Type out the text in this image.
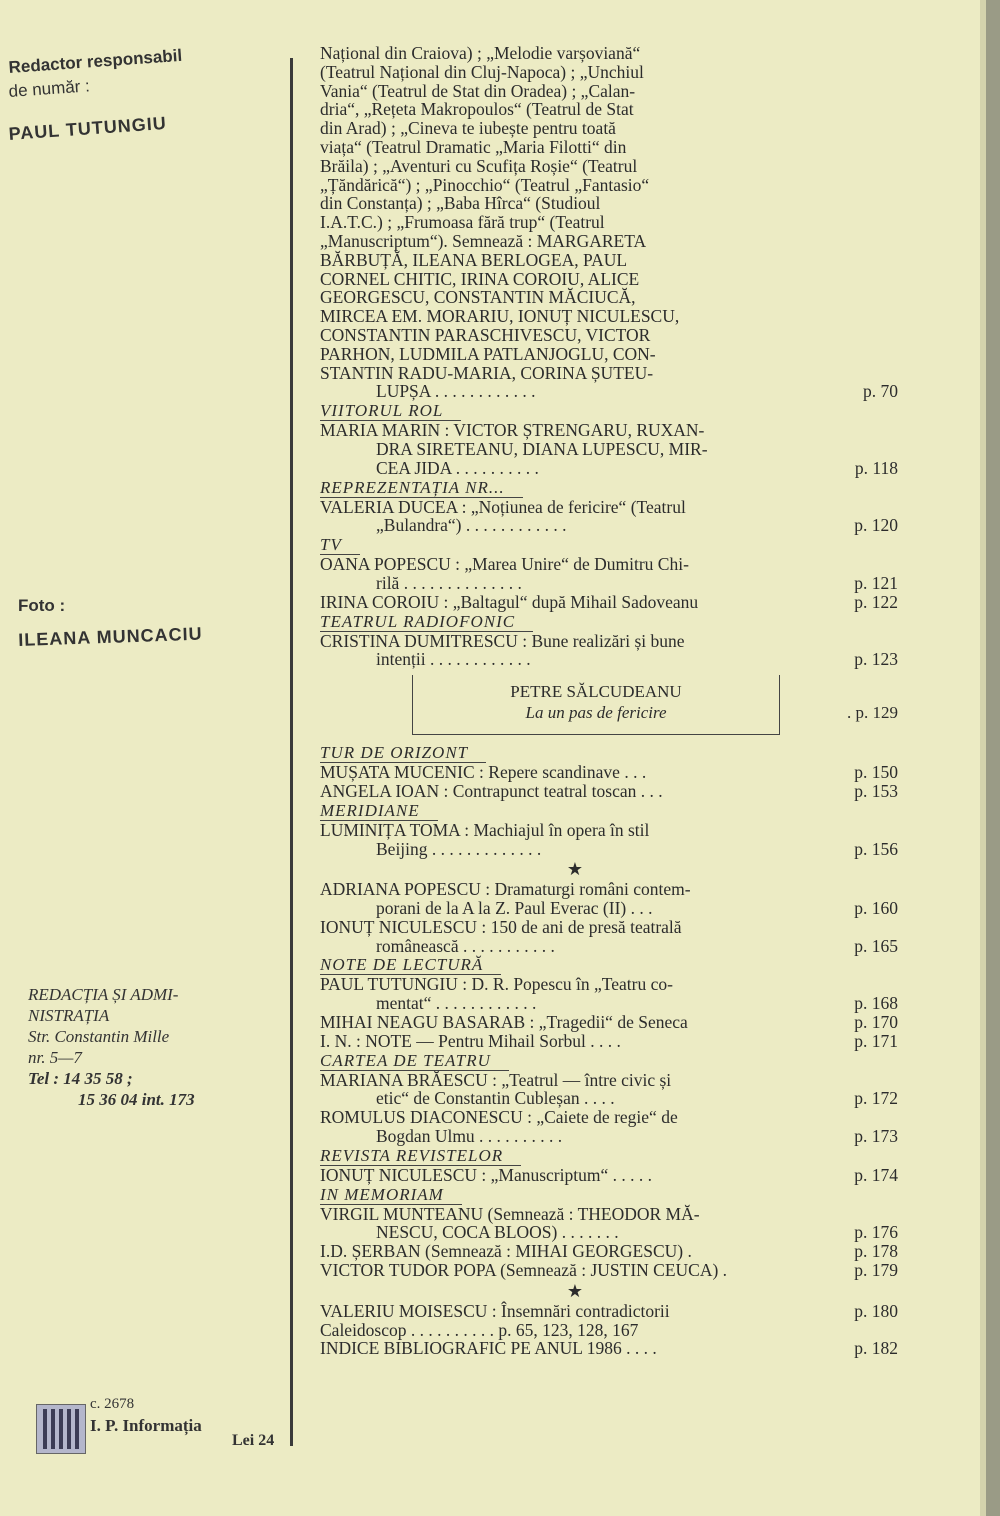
Redactor responsabil
de număr :
PAUL TUTUNGIU
Foto :
ILEANA MUNCACIU
REDACȚIA ȘI ADMI-
NISTRAȚIA
Str. Constantin Mille
nr. 5—7
Tel : 14 35 58 ;
15 36 04 int. 173
c. 2678
I. P. Informația
Lei 24
Național din Craiova) ; „Melodie varșoviană“
(Teatrul Național din Cluj-Napoca) ; „Unchiul
Vania“ (Teatrul de Stat din Oradea) ; „Calan-
dria“, „Rețeta Makropoulos“ (Teatrul de Stat
din Arad) ; „Cineva te iubește pentru toată
viața“ (Teatrul Dramatic „Maria Filotti“ din
Brăila) ; „Aventuri cu Scufița Roșie“ (Teatrul
„Țăndărică“) ; „Pinocchio“ (Teatrul „Fantasio“
din Constanța) ; „Baba Hîrca“ (Studioul
I.A.T.C.) ; „Frumoasa fără trup“ (Teatrul
„Manuscriptum“). Semnează : MARGARETA
BĂRBUȚĂ, ILEANA BERLOGEA, PAUL
CORNEL CHITIC, IRINA COROIU, ALICE
GEORGESCU, CONSTANTIN MĂCIUCĂ,
MIRCEA EM. MORARIU, IONUȚ NICULESCU,
CONSTANTIN PARASCHIVESCU, VICTOR
PARHON, LUDMILA PATLANJOGLU, CON-
STANTIN RADU-MARIA, CORINA ȘUTEU-
LUPȘA . . . . . . . . . . . .	p. 70
VIITORUL ROL
MARIA MARIN : VICTOR ȘTRENGARU, RUXAN-
DRA SIRETEANU, DIANA LUPESCU, MIR-
CEA JIDA . . . . . . . . . .	p. 118
REPREZENTAȚIA NR...
VALERIA DUCEA : „Noțiunea de fericire“ (Teatrul
„Bulandra“) . . . . . . . . . . . .	p. 120
TV
OANA POPESCU : „Marea Unire“ de Dumitru Chi-
rilă . . . . . . . . . . . . . .	p. 121
IRINA COROIU : „Baltagul“ după Mihail Sadoveanu	p. 122
TEATRUL RADIOFONIC
CRISTINA DUMITRESCU : Bune realizări și bune
intenții . . . . . . . . . . . .	p. 123
PETRE SĂLCUDEANU
La un pas de fericire	. p. 129
TUR DE ORIZONT
MUȘATA MUCENIC : Repere scandinave . . .	p. 150
ANGELA IOAN : Contrapunct teatral toscan . . .	p. 153
MERIDIANE
LUMINIȚA TOMA : Machiajul în opera în stil
Beijing . . . . . . . . . . . . .	p. 156
★
ADRIANA POPESCU : Dramaturgi români contem-
porani de la A la Z. Paul Everac (II) . . .	p. 160
IONUȚ NICULESCU : 150 de ani de presă teatrală
românească . . . . . . . . . . .	p. 165
NOTE DE LECTURĂ
PAUL TUTUNGIU : D. R. Popescu în „Teatru co-
mentat“ . . . . . . . . . . . .	p. 168
MIHAI NEAGU BASARAB : „Tragedii“ de Seneca	p. 170
I. N. : NOTE — Pentru Mihail Sorbul . . . .	p. 171
CARTEA DE TEATRU
MARIANA BRĂESCU : „Teatrul — între civic și
etic“ de Constantin Cubleșan . . . .	p. 172
ROMULUS DIACONESCU : „Caiete de regie“ de
Bogdan Ulmu . . . . . . . . . .	p. 173
REVISTA REVISTELOR
IONUȚ NICULESCU : „Manuscriptum“ . . . . .	p. 174
IN MEMORIAM
VIRGIL MUNTEANU (Semnează : THEODOR MĂ-
NESCU, COCA BLOOS) . . . . . . .	p. 176
I.D. ȘERBAN (Semnează : MIHAI GEORGESCU) .	p. 178
VICTOR TUDOR POPA (Semnează : JUSTIN CEUCA) .	p. 179
★
VALERIU MOISESCU : Însemnări contradictorii	p. 180
Caleidoscop . . . . . . . . . . p. 65, 123, 128, 167
INDICE BIBLIOGRAFIC PE ANUL 1986 . . . .	p. 182
